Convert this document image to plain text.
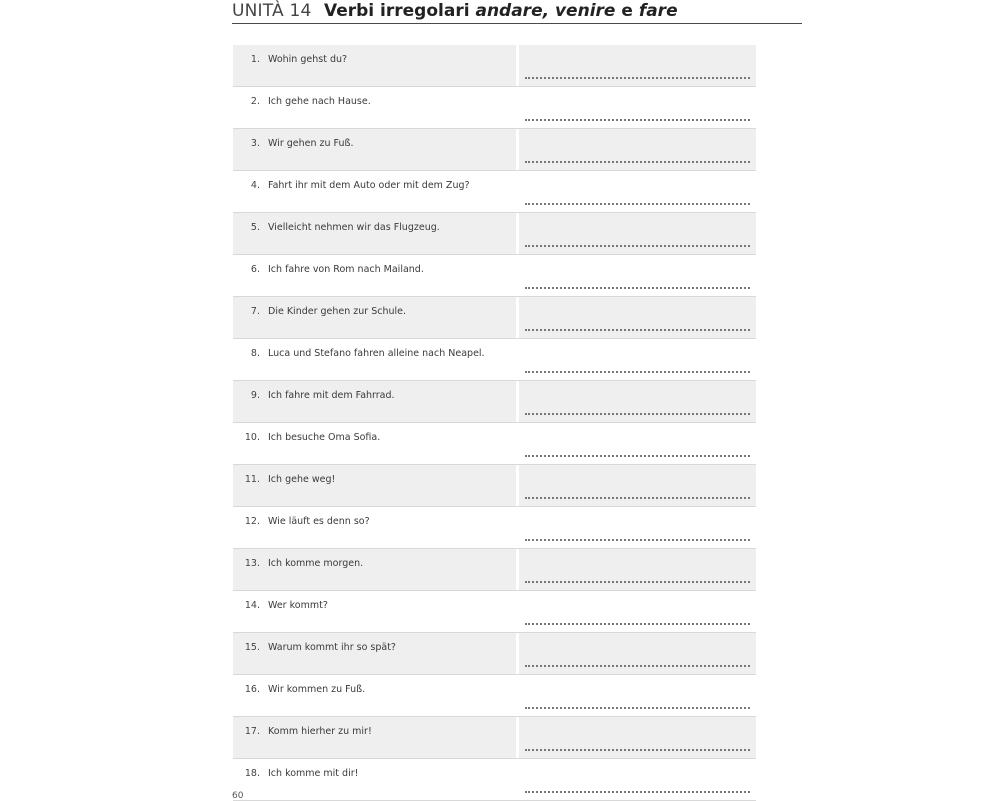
UNITÀ 14 Verbi irregolari andare, venire e fare
1. Wohin gehst du?
2. Ich gehe nach Hause.
3. Wir gehen zu Fuß.
4. Fahrt ihr mit dem Auto oder mit dem Zug?
5. Vielleicht nehmen wir das Flugzeug.
6. Ich fahre von Rom nach Mailand.
7. Die Kinder gehen zur Schule.
8. Luca und Stefano fahren alleine nach Neapel.
9. Ich fahre mit dem Fahrrad.
10. Ich besuche Oma Sofia.
11. Ich gehe weg!
12. Wie läuft es denn so?
13. Ich komme morgen.
14. Wer kommt?
15. Warum kommt ihr so spät?
16. Wir kommen zu Fuß.
17. Komm hierher zu mir!
18. Ich komme mit dir!
60
